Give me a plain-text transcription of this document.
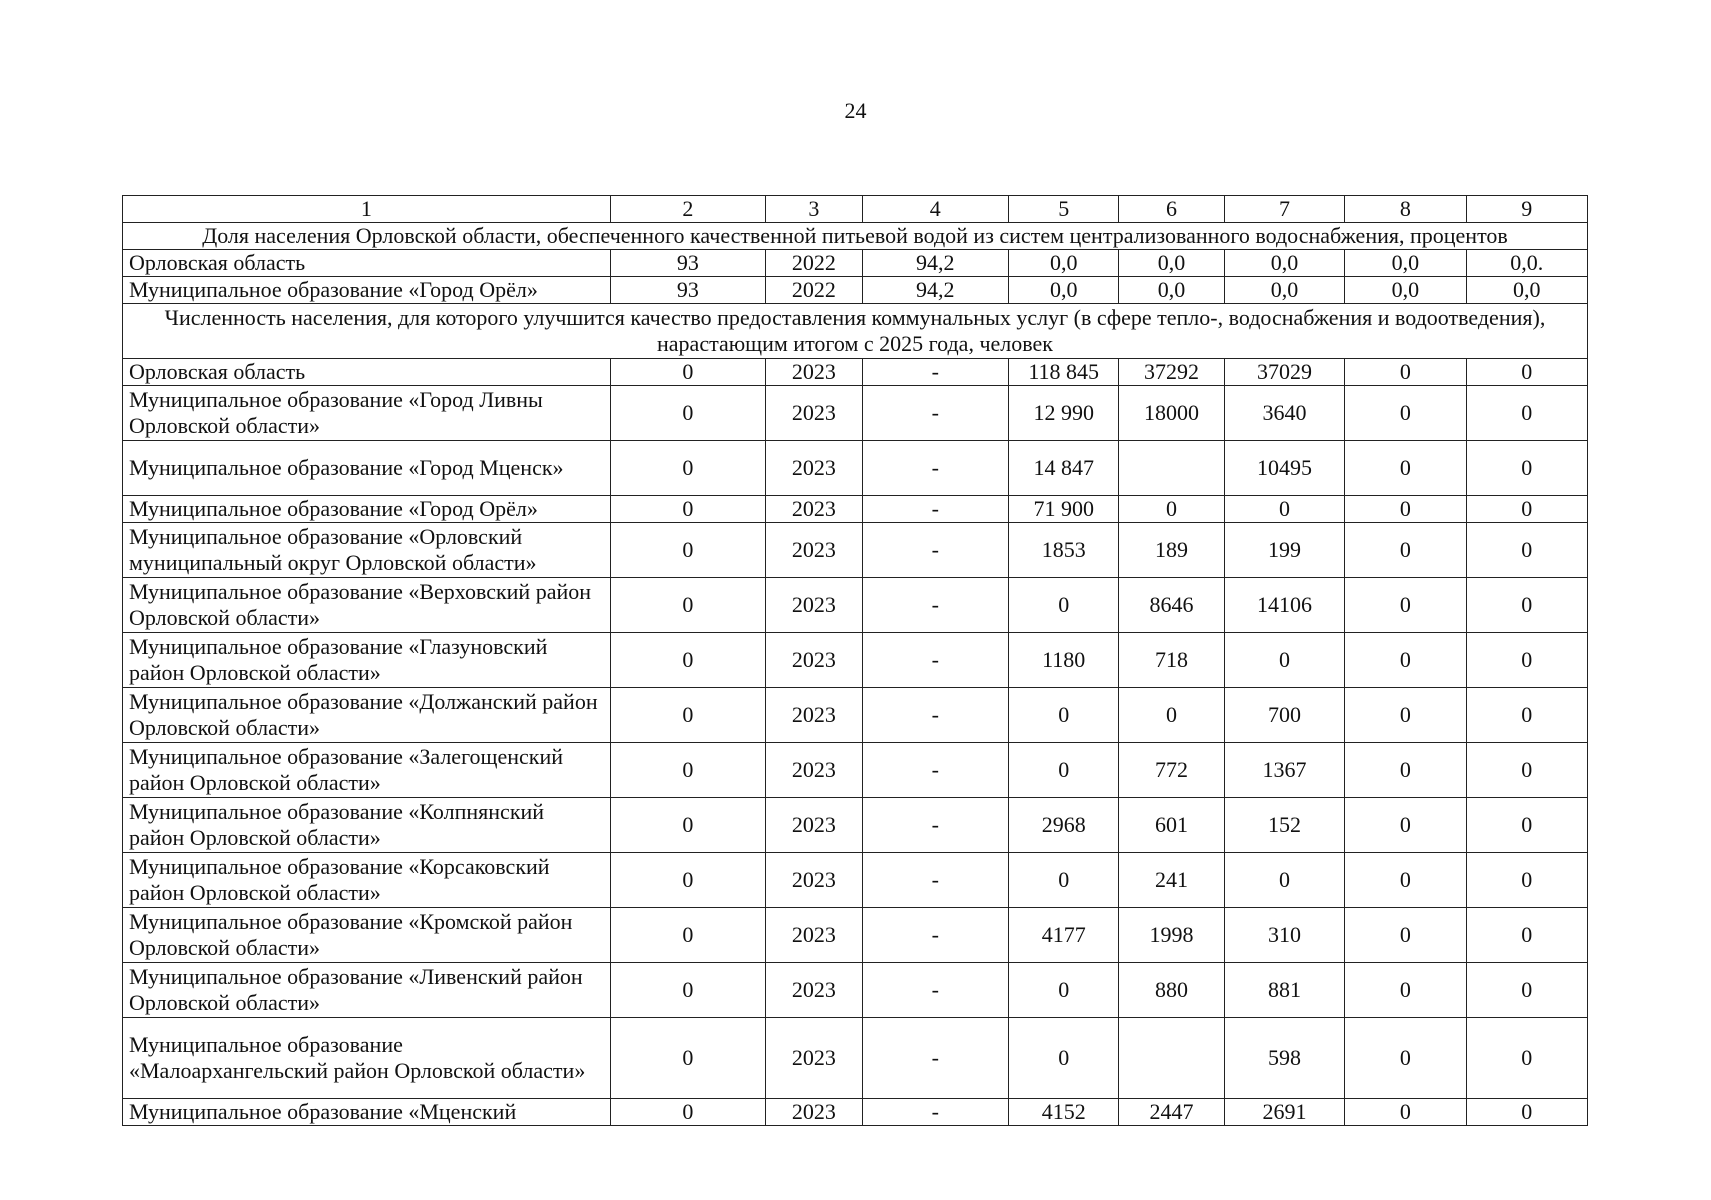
24
1	2	3	4	5	6	7	8	9
Доля населения Орловской области, обеспеченного качественной питьевой водой из систем централизованного водоснабжения, процентов								
Орловская область	93	2022	94,2	0,0	0,0	0,0	0,0	0,0.
Муниципальное образование «Город Орёл»	93	2022	94,2	0,0	0,0	0,0	0,0	0,0
Численность населения, для которого улучшится качество предоставления коммунальных услуг (в сфере тепло-, водоснабжения и водоотведения), нарастающим итогом с 2025 года, человек								
Орловская область	0	2023	-	118 845	37292	37029	0	0
Муниципальное образование «Город Ливны Орловской области»	0	2023	-	12 990	18000	3640	0	0
Муниципальное образование «Город Мценск»	0	2023	-	14 847		10495	0	0
Муниципальное образование «Город Орёл»	0	2023	-	71 900	0	0	0	0
Муниципальное образование «Орловский муниципальный округ Орловской области»	0	2023	-	1853	189	199	0	0
Муниципальное образование «Верховский район Орловской области»	0	2023	-	0	8646	14106	0	0
Муниципальное образование «Глазуновский район Орловской области»	0	2023	-	1180	718	0	0	0
Муниципальное образование «Должанский район Орловской области»	0	2023	-	0	0	700	0	0
Муниципальное образование «Залегощенский район Орловской области»	0	2023	-	0	772	1367	0	0
Муниципальное образование «Колпнянский район Орловской области»	0	2023	-	2968	601	152	0	0
Муниципальное образование «Корсаковский район Орловской области»	0	2023	-	0	241	0	0	0
Муниципальное образование «Кромской район Орловской области»	0	2023	-	4177	1998	310	0	0
Муниципальное образование «Ливенский район Орловской области»	0	2023	-	0	880	881	0	0
Муниципальное образование «Малоархангельский район Орловской области»	0	2023	-	0		598	0	0
Муниципальное образование «Мценский	0	2023	-	4152	2447	2691	0	0
